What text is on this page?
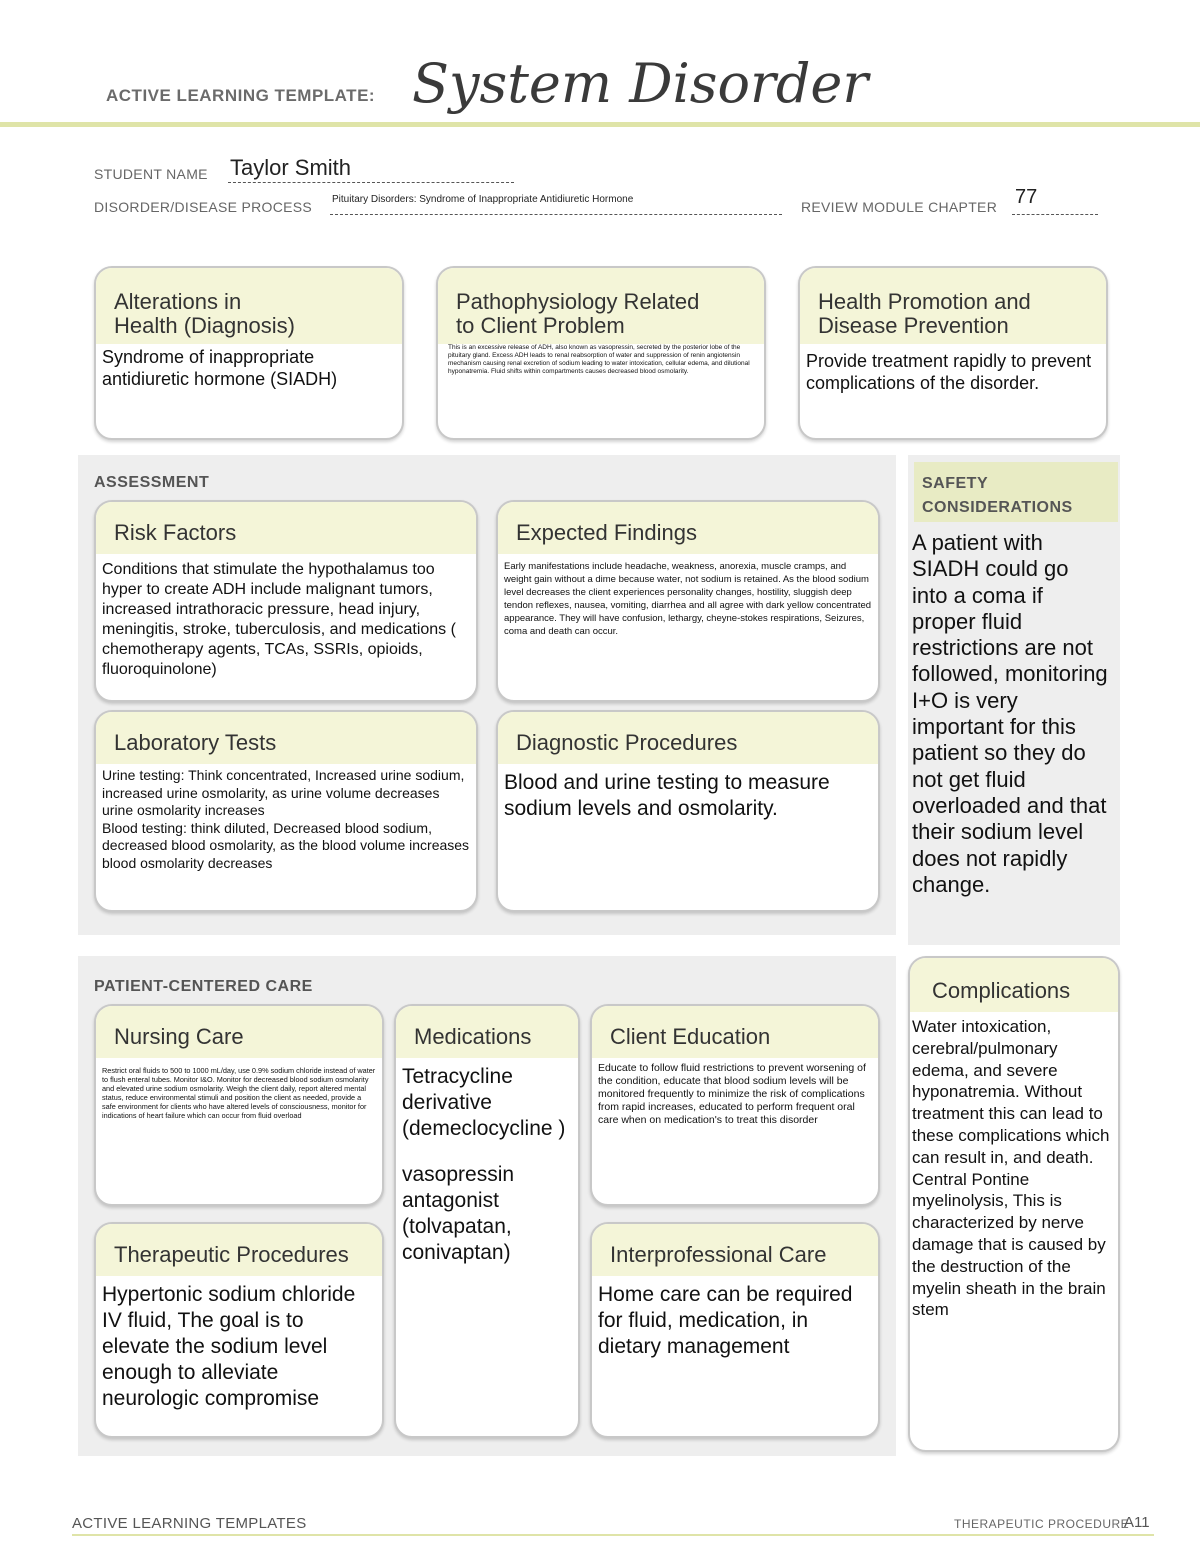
ACTIVE LEARNING TEMPLATE: System Disorder
STUDENT NAME Taylor Smith
DISORDER/DISEASE PROCESS Pituitary Disorders: Syndrome of Inappropriate Antidiuretic Hormone	REVIEW MODULE CHAPTER 77
Alterations in
Health (Diagnosis)
Syndrome of inappropriate antidiuretic hormone (SIADH)
Pathophysiology Related
to Client Problem
This is an excessive release of ADH, also known as vasopressin, secreted by the posterior lobe of the pituitary gland. Excess ADH leads to renal reabsorption of water and suppression of renin angiotensin mechanism causing renal excretion of sodium leading to water intoxication, cellular edema, and dilutional hyponatremia. Fluid shifts within compartments causes decreased blood osmolarity.
Health Promotion and
Disease Prevention
Provide treatment rapidly to prevent complications of the disorder.
ASSESSMENT
Risk Factors
Conditions that stimulate the hypothalamus too hyper to create ADH include malignant tumors, increased intrathoracic pressure, head injury, meningitis, stroke, tuberculosis, and medications ( chemotherapy agents, TCAs, SSRIs, opioids, fluoroquinolone)
Expected Findings
Early manifestations include headache, weakness, anorexia, muscle cramps, and weight gain without a dime because water, not sodium is retained. As the blood sodium level decreases the client experiences personality changes, hostility, sluggish deep tendon reflexes, nausea, vomiting, diarrhea and all agree with dark yellow concentrated appearance. They will have confusion, lethargy, cheyne-stokes respirations, Seizures, coma and death can occur.
Laboratory Tests
Urine testing: Think concentrated, Increased urine sodium, increased urine osmolarity, as urine volume decreases urine osmolarity increases
Blood testing: think diluted, Decreased blood sodium, decreased blood osmolarity, as the blood volume increases blood osmolarity decreases
Diagnostic Procedures
Blood and urine testing to measure sodium levels and osmolarity.
SAFETY
CONSIDERATIONS
A patient with SIADH could go into a coma if proper fluid restrictions are not followed, monitoring I+O is very important for this patient so they do not get fluid overloaded and that their sodium level does not rapidly change.
PATIENT-CENTERED CARE
Nursing Care
Restrict oral fluids to 500 to 1000 mL/day, use 0.9% sodium chloride instead of water to flush enteral tubes. Monitor I&O. Monitor for decreased blood sodium osmolarity and elevated urine sodium osmolarity. Weigh the client daily, report altered mental status, reduce environmental stimuli and position the client as needed, provide a safe environment for clients who have altered levels of consciousness, monitor for indications of heart failure which can occur from fluid overload
Medications
Tetracycline derivative (demeclocycline )
vasopressin antagonist (tolvapatan, conivaptan)
Client Education
Educate to follow fluid restrictions to prevent worsening of the condition, educate that blood sodium levels will be monitored frequently to minimize the risk of complications from rapid increases, educated to perform frequent oral care when on medication's to treat this disorder
Therapeutic Procedures
Hypertonic sodium chloride IV fluid, The goal is to elevate the sodium level enough to alleviate neurologic compromise
Interprofessional Care
Home care can be required for fluid, medication, in dietary management
Complications
Water intoxication, cerebral/pulmonary edema, and severe hyponatremia. Without treatment this can lead to these complications which can result in, and death. Central Pontine myelinolysis, This is characterized by nerve damage that is caused by the destruction of the myelin sheath in the brain stem
ACTIVE LEARNING TEMPLATES	THERAPEUTIC PROCEDURE
A11
